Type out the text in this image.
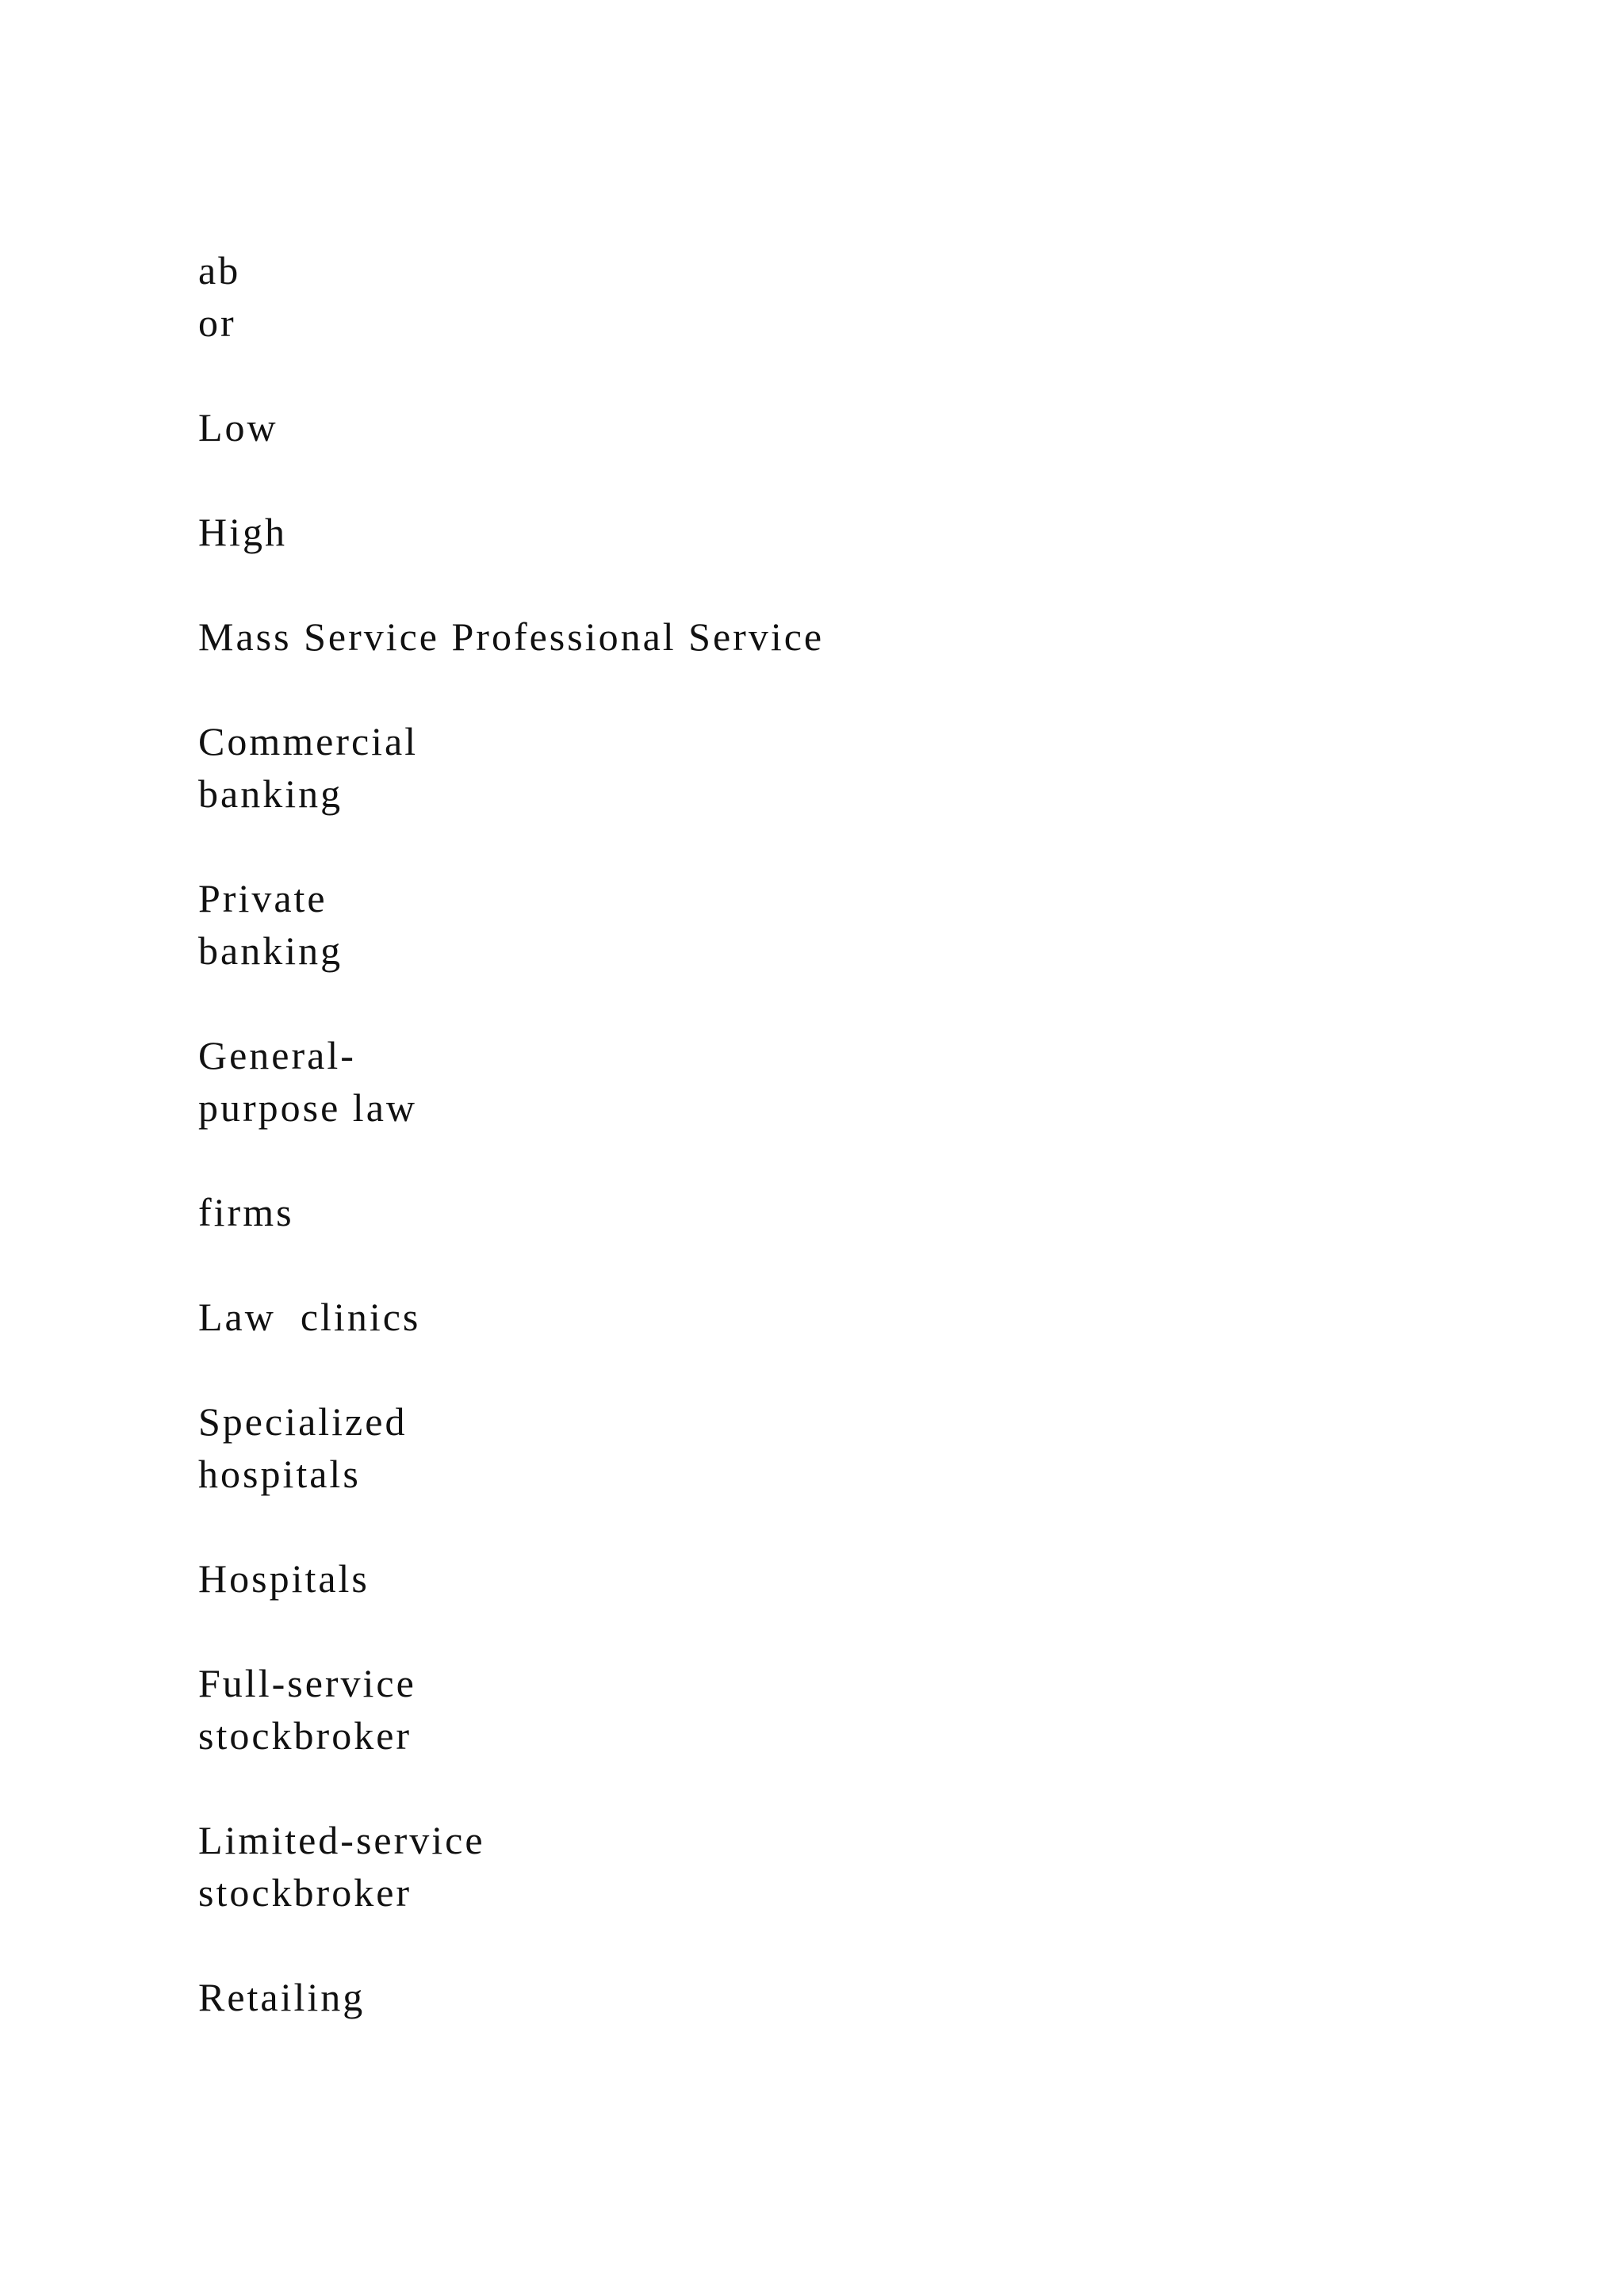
ab
or

Low

High

Mass Service Professional Service

Commercial
banking

Private
banking

General-
purpose law

firms

Law  clinics

Specialized
hospitals

Hospitals

Full-service
stockbroker

Limited-service
stockbroker

Retailing
